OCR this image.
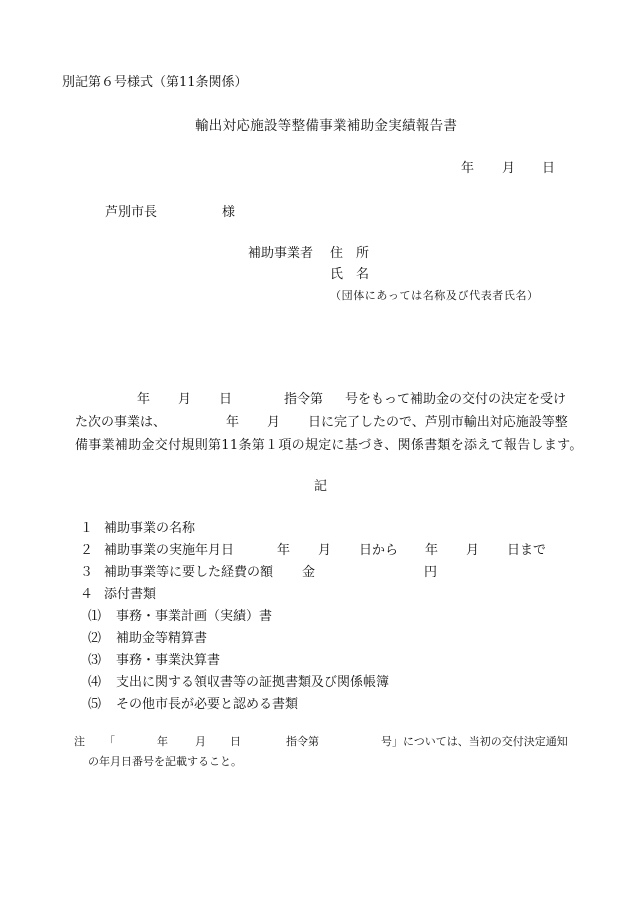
別記第６号様式（第11条関係）
輸出対応施設等整備事業補助金実績報告書
年 月 日
芦別市長	様
補助事業者 住　所
氏　名
（団体にあっては名称及び代表者氏名）
年 月 日	指令第 号をもって補助金の交付の決定を受け
た次の事業は、	年 月 日に完了したので、芦別市輸出対応施設等整
備事業補助金交付規則第11条第１項の規定に基づき、関係書類を添えて報告します。
記
１ 補助事業の名称
２ 補助事業の実施年月日	年 月 日から 年 月 日まで
３ 補助事業等に要した経費の額 金	円
４ 添付書類
⑴ 事務・事業計画（実績）書
⑵ 補助金等精算書
⑶ 事務・事業決算書
⑷ 支出に関する領収書等の証拠書類及び関係帳簿
⑸ その他市長が必要と認める書類
注 「	年 月 日	指令第	号」については、当初の交付決定通知
の年月日番号を記載すること。
